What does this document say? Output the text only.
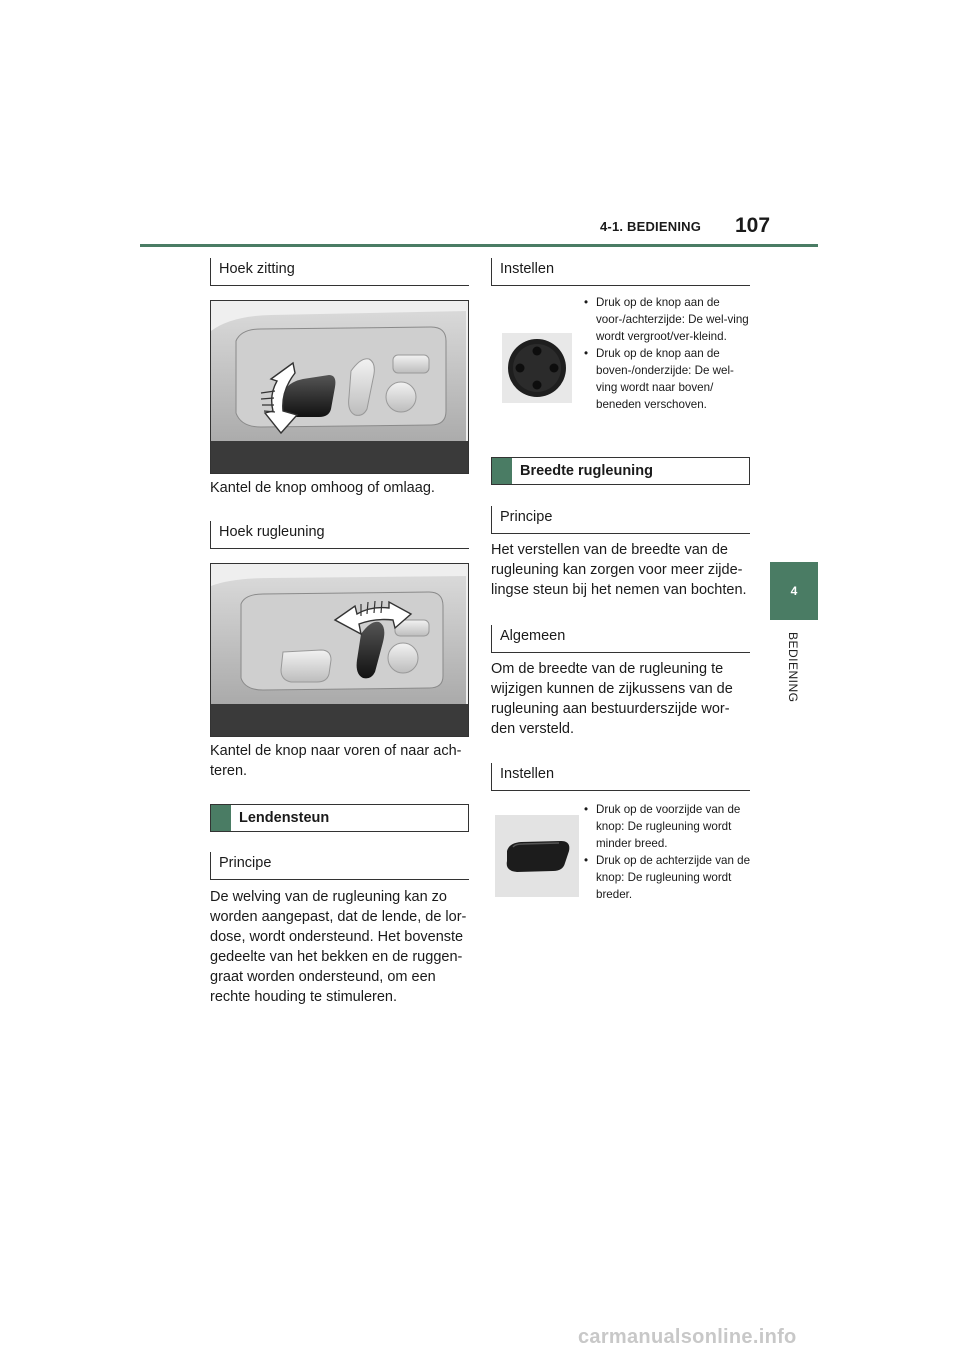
4-1. BEDIENING 107
4
BEDIENING
Hoek zitting
Kantel de knop omhoog of omlaag.
Hoek rugleuning
Kantel de knop naar voren of naar ach-
teren.
Lendensteun
Principe
De welving van de rugleuning kan zo
worden aangepast, dat de lende, de lor-
dose, wordt ondersteund. Het bovenste
gedeelte van het bekken en de ruggen-
graat worden ondersteund, om een
rechte houding te stimuleren.
Instellen
• Druk op de knop aan de voor-/achterzijde: De wel-ving wordt vergroot/ver-kleind.
• Druk op de knop aan de boven-/onderzijde: De wel-ving wordt naar boven/ beneden verschoven.
Breedte rugleuning
Principe
Het verstellen van de breedte van de
rugleuning kan zorgen voor meer zijde-
lingse steun bij het nemen van bochten.
Algemeen
Om de breedte van de rugleuning te
wijzigen kunnen de zijkussens van de
rugleuning aan bestuurderszijde wor-
den versteld.
Instellen
• Druk op de voorzijde van de knop: De rugleuning wordt minder breed.
• Druk op de achterzijde van de knop: De rugleuning wordt breder.
carmanualsonline.info
